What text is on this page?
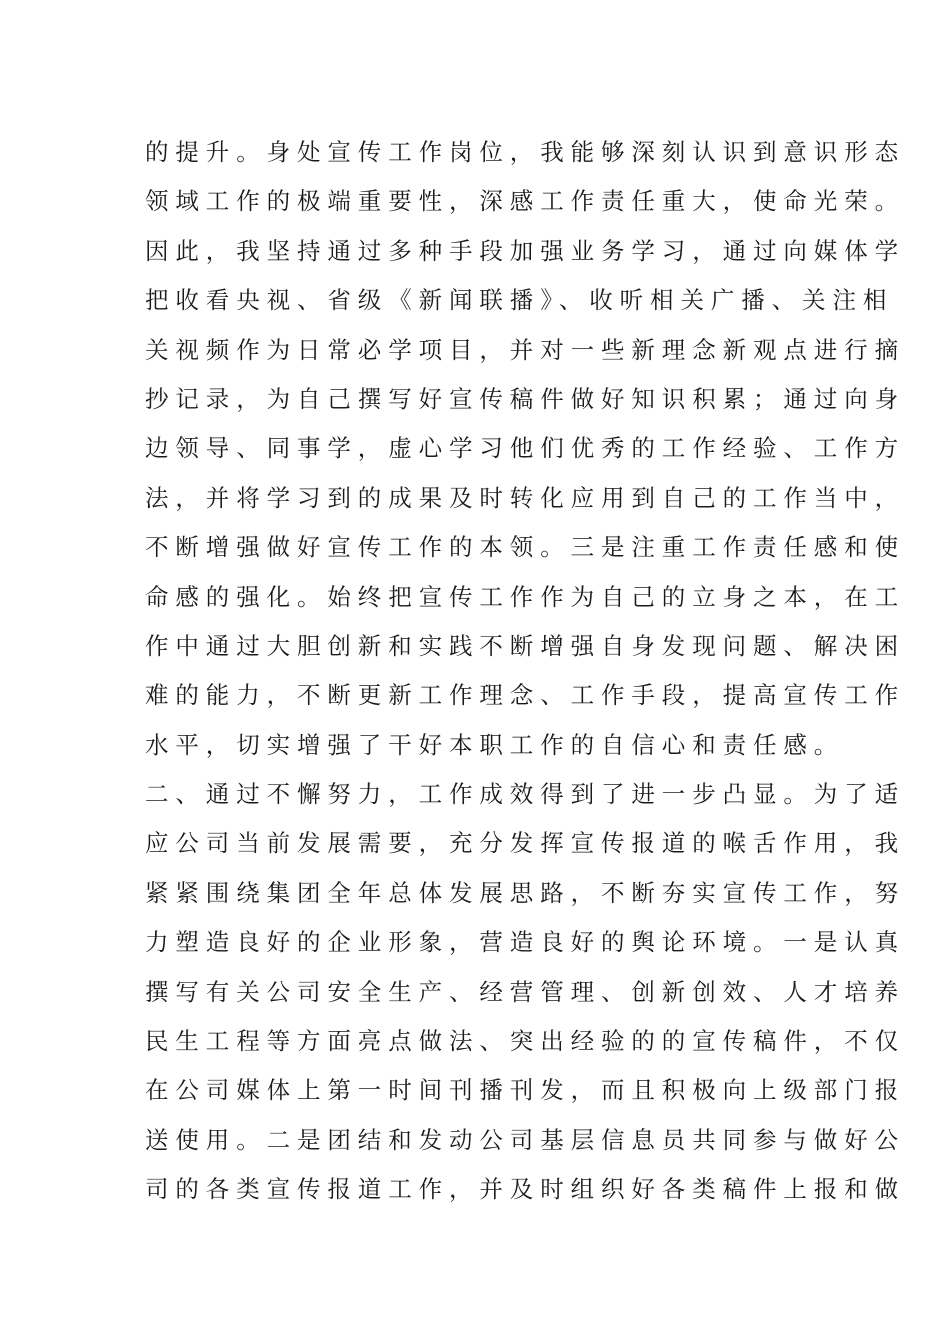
的提升。身处宣传工作岗位，我能够深刻认识到意识形态
领域工作的极端重要性，深感工作责任重大，使命光荣。
因此，我坚持通过多种手段加强业务学习，通过向媒体学
把收看央视、省级《新闻联播》、收听相关广播、关注相
关视频作为日常必学项目，并对一些新理念新观点进行摘
抄记录，为自己撰写好宣传稿件做好知识积累；通过向身
边领导、同事学，虚心学习他们优秀的工作经验、工作方
法，并将学习到的成果及时转化应用到自己的工作当中，
不断增强做好宣传工作的本领。三是注重工作责任感和使
命感的强化。始终把宣传工作作为自己的立身之本，在工
作中通过大胆创新和实践不断增强自身发现问题、解决困
难的能力，不断更新工作理念、工作手段，提高宣传工作
水平，切实增强了干好本职工作的自信心和责任感。
二、通过不懈努力，工作成效得到了进一步凸显。为了适
应公司当前发展需要，充分发挥宣传报道的喉舌作用，我
紧紧围绕集团全年总体发展思路，不断夯实宣传工作，努
力塑造良好的企业形象，营造良好的舆论环境。一是认真
撰写有关公司安全生产、经营管理、创新创效、人才培养
民生工程等方面亮点做法、突出经验的的宣传稿件，不仅
在公司媒体上第一时间刊播刊发，而且积极向上级部门报
送使用。二是团结和发动公司基层信息员共同参与做好公
司的各类宣传报道工作，并及时组织好各类稿件上报和做
